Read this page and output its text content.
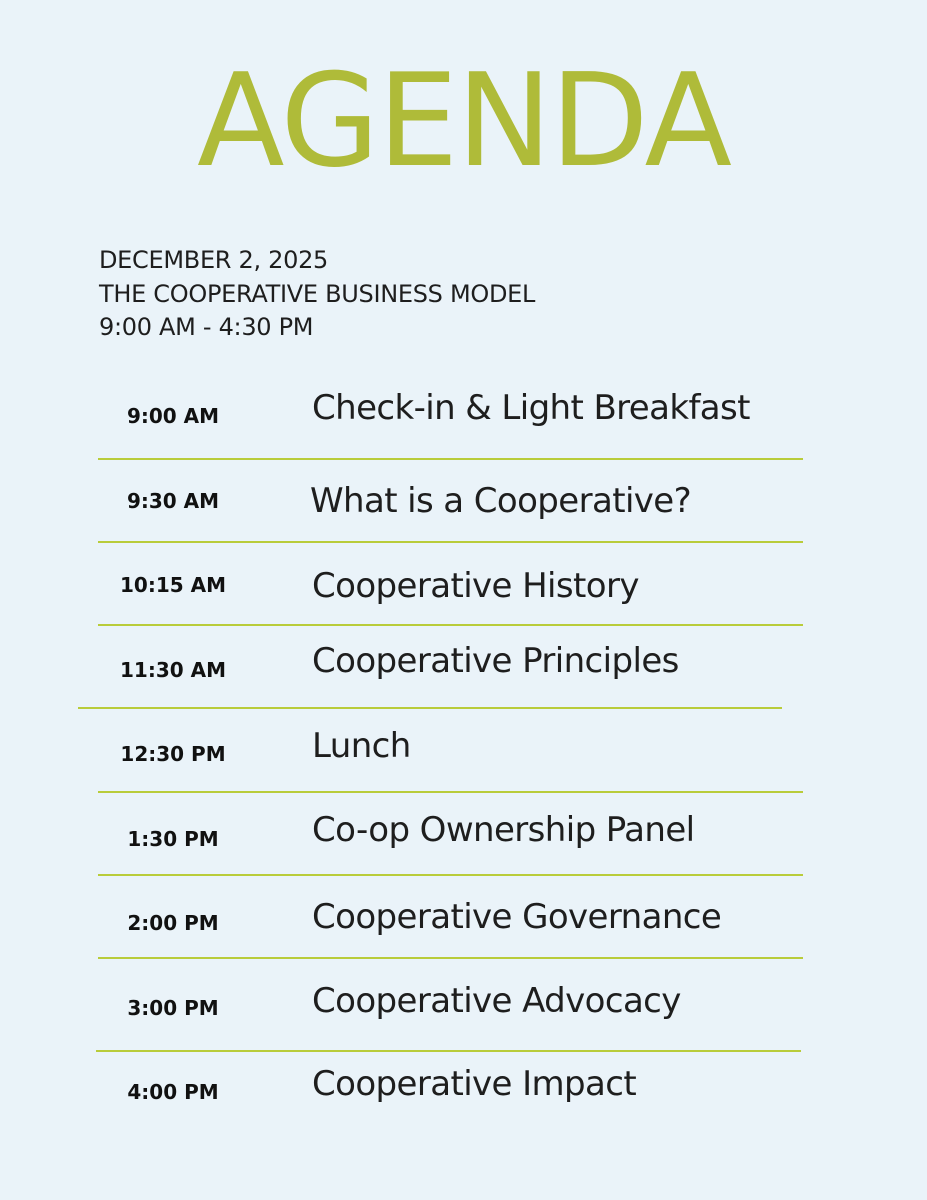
AGENDA
DECEMBER 2, 2025
THE COOPERATIVE BUSINESS MODEL
9:00 AM - 4:30 PM
9:00 AM	Check-in & Light Breakfast
9:30 AM	What is a Cooperative?
10:15 AM	Cooperative History
11:30 AM	Cooperative Principles
12:30 PM	Lunch
1:30 PM	Co-op Ownership Panel
2:00 PM	Cooperative Governance
3:00 PM	Cooperative Advocacy
4:00 PM	Cooperative Impact
